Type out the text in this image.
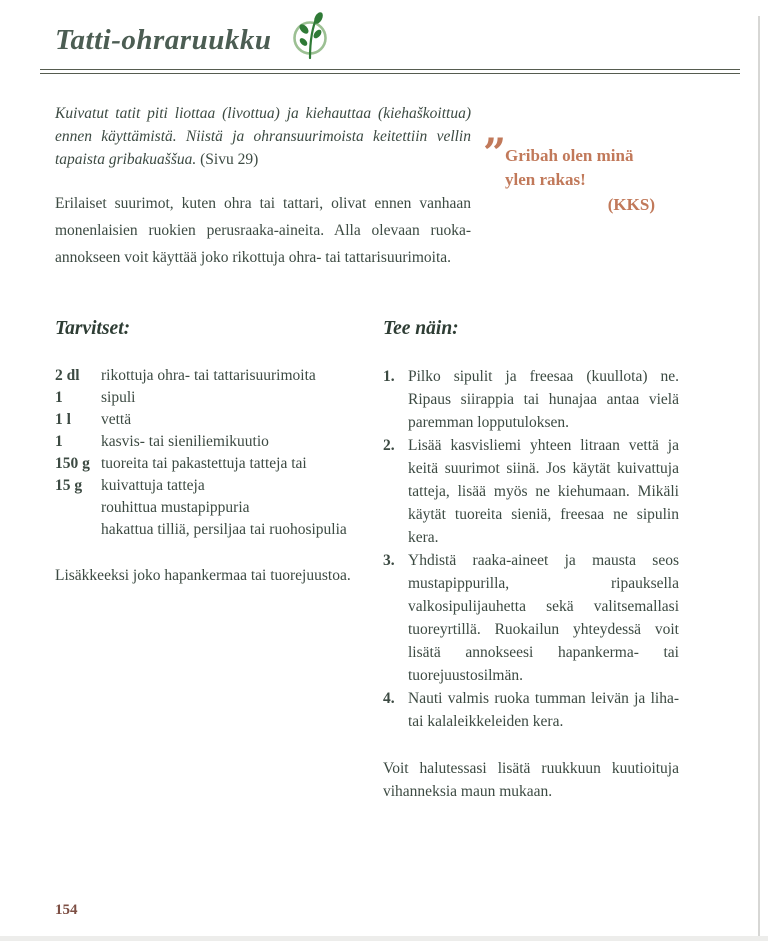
Tatti-ohraruukku

Kuivatut tatit piti liottaa (livottua) ja kiehauttaa (kiehaškoittua) ennen käyttämistä. Niistä ja ohransuurimoista keitettiin vellin tapaista gribakuaššua. (Sivu 29)

Erilaiset suurimot, kuten ohra tai tattari, olivat ennen vanhaan monenlaisien ruokien perusraaka-aineita. Alla olevaan ruoka-annokseen voit käyttää joko rikottuja ohra- tai tattarisuurimoita.

”
Gribah olen minä
ylen rakas!
(KKS)
Tarvitset:
2 dl	rikottuja ohra- tai tattarisuurimoita
1	sipuli
1 l	vettä
1	kasvis- tai sieniliemikuutio
150 g tuoreita tai pakastettuja tatteja tai
15 g	kuivattuja tatteja
rouhittua mustapippuria
hakattua tilliä, persiljaa tai ruohosipulia

Lisäkkeeksi joko hapankermaa tai tuorejuustoa.

Tee näin:
1. Pilko sipulit ja freesaa (kuullota) ne. Ripaus siirappia tai hunajaa antaa vielä paremman lopputuloksen.
2. Lisää kasvisliemi yhteen litraan vettä ja keitä suurimot siinä. Jos käytät kuivattuja tatteja, lisää myös ne kiehumaan. Mikäli käytät tuoreita sieniä, freesaa ne sipulin kera.
3. Yhdistä raaka-aineet ja mausta seos mustapippurilla, ripauksella valkosipulijauhetta sekä valitsemallasi tuoreyrtillä. Ruokailun yhteydessä voit lisätä annokseesi hapankerma- tai tuorejuustosilmän.
4. Nauti valmis ruoka tumman leivän ja liha- tai kalaleikkeleiden kera.

Voit halutessasi lisätä ruukkuun kuutioituja vihanneksia maun mukaan.

154
